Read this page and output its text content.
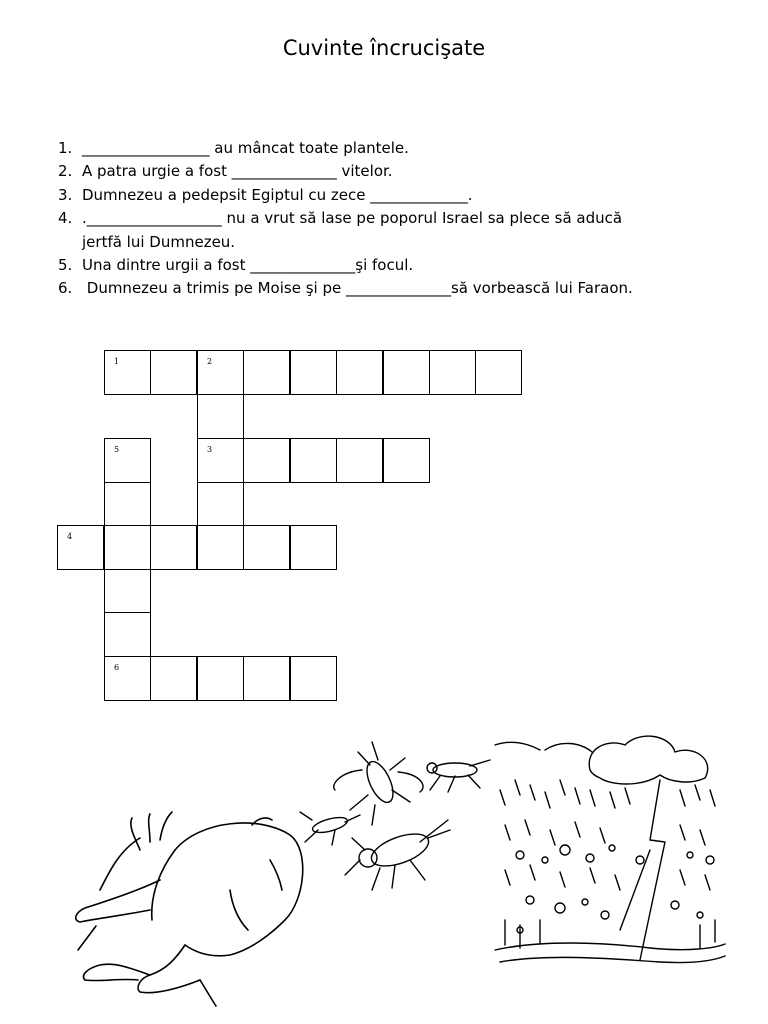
Cuvinte încrucişate
1. _________________ au mâncat toate plantele.
2. A patra urgie a fost ______________ vitelor.
3. Dumnezeu a pedepsit Egiptul cu zece _____________.
4. .__________________ nu a vrut să lase pe poporul Israel sa plece să aducă
jertfă lui Dumnezeu.
5. Una dintre urgii a fost ______________şi focul.
6. Dumnezeu a trimis pe Moise şi pe ______________să vorbească lui Faraon.
1	2
5	3
4
6
